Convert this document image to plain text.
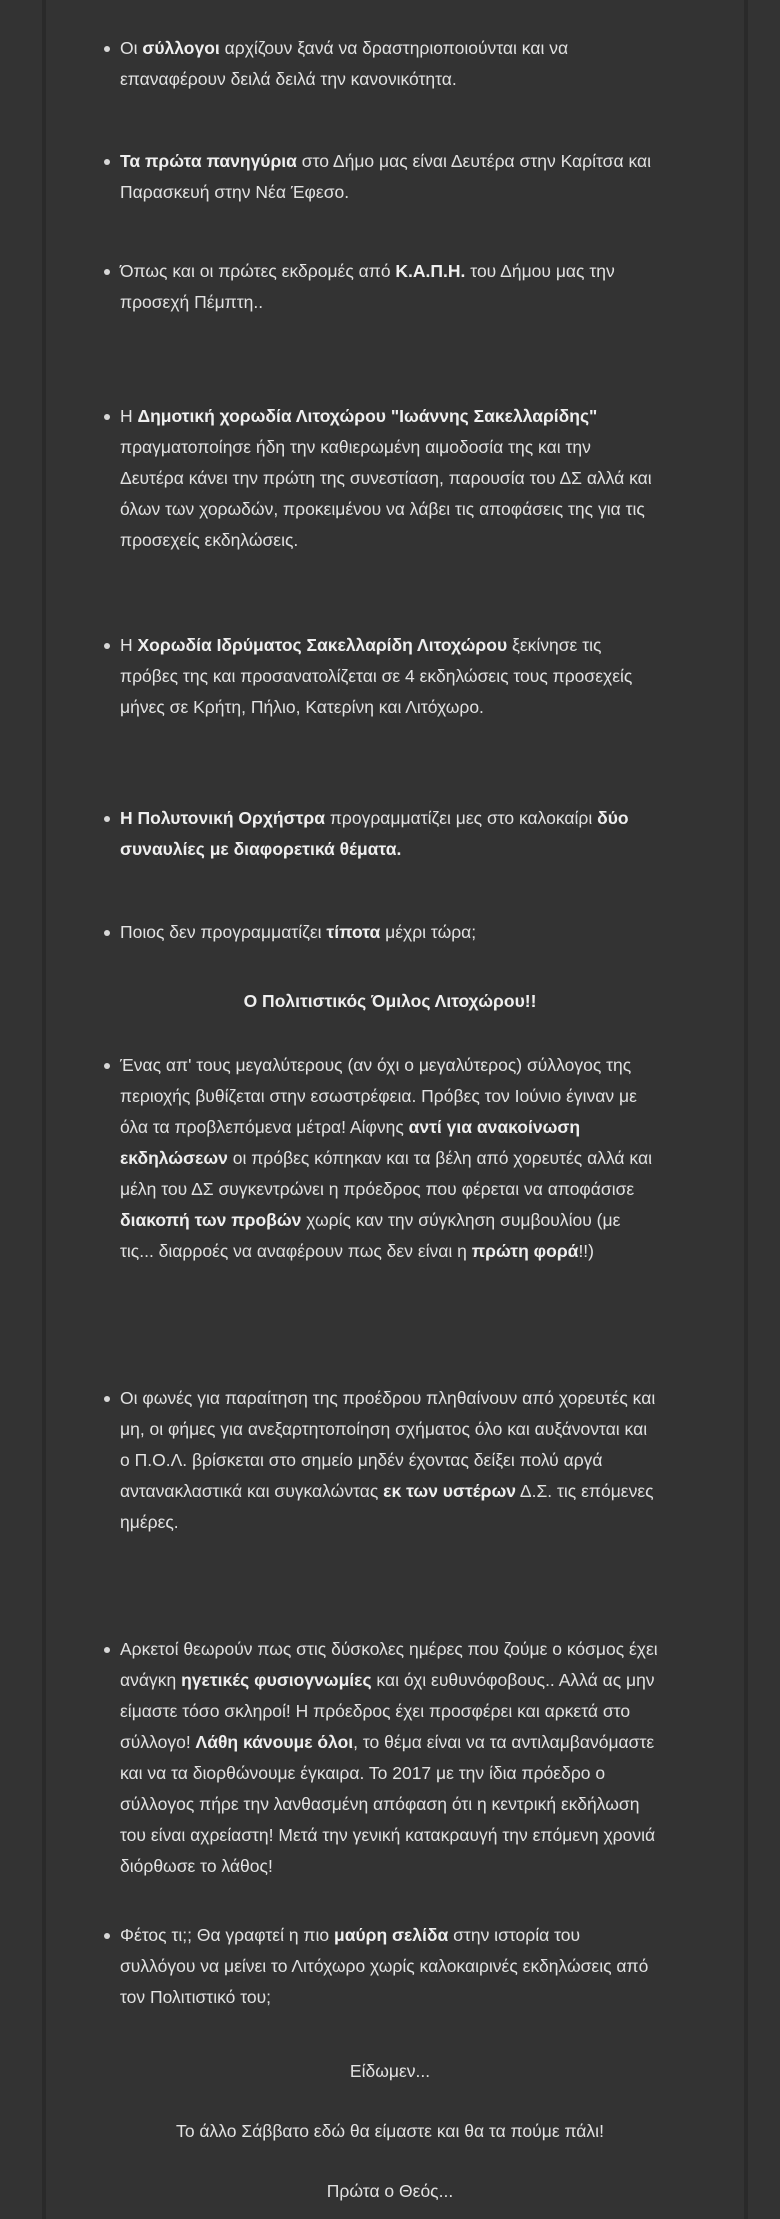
Οι σύλλογοι αρχίζουν ξανά να δραστηριοποιούνται και να επαναφέρουν δειλά δειλά την κανονικότητα.
Τα πρώτα πανηγύρια στο Δήμο μας είναι Δευτέρα στην Καρίτσα και Παρασκευή στην Νέα Έφεσο.
Όπως και οι πρώτες εκδρομές από Κ.Α.Π.Η. του Δήμου μας την προσεχή Πέμπτη..
Η Δημοτική χορωδία Λιτοχώρου "Ιωάννης Σακελλαρίδης" πραγματοποίησε ήδη την καθιερωμένη αιμοδοσία της και την Δευτέρα κάνει την πρώτη της συνεστίαση, παρουσία του ΔΣ αλλά και όλων των χορωδών, προκειμένου να λάβει τις αποφάσεις της για τις προσεχείς εκδηλώσεις.
Η Χορωδία Ιδρύματος Σακελλαρίδη Λιτοχώρου ξεκίνησε τις πρόβες της και προσανατολίζεται σε 4 εκδηλώσεις τους προσεχείς μήνες σε Κρήτη, Πήλιο, Κατερίνη και Λιτόχωρο.
Η Πολυτονική Ορχήστρα προγραμματίζει μες στο καλοκαίρι δύο συναυλίες με διαφορετικά θέματα.
Ποιος δεν προγραμματίζει τίποτα μέχρι τώρα;
Ο Πολιτιστικός Όμιλος Λιτοχώρου!!
Ένας απ' τους μεγαλύτερους (αν όχι ο μεγαλύτερος) σύλλογος της περιοχής βυθίζεται στην εσωστρέφεια. Πρόβες τον Ιούνιο έγιναν με όλα τα προβλεπόμενα μέτρα! Αίφνης αντί για ανακοίνωση εκδηλώσεων οι πρόβες κόπηκαν και τα βέλη από χορευτές αλλά και μέλη του ΔΣ συγκεντρώνει η πρόεδρος που φέρεται να αποφάσισε διακοπή των προβών χωρίς καν την σύγκληση συμβουλίου (με τις... διαρροές να αναφέρουν πως δεν είναι η πρώτη φορά!!)
Οι φωνές για παραίτηση της προέδρου πληθαίνουν από χορευτές και μη, οι φήμες για ανεξαρτητοποίηση σχήματος όλο και αυξάνονται και ο Π.Ο.Λ. βρίσκεται στο σημείο μηδέν έχοντας δείξει πολύ αργά αντανακλαστικά και συγκαλώντας εκ των υστέρων Δ.Σ. τις επόμενες ημέρες.
Αρκετοί θεωρούν πως στις δύσκολες ημέρες που ζούμε ο κόσμος έχει ανάγκη ηγετικές φυσιογνωμίες και όχι ευθυνόφοβους.. Αλλά ας μην είμαστε τόσο σκληροί! Η πρόεδρος έχει προσφέρει και αρκετά στο σύλλογο! Λάθη κάνουμε όλοι, το θέμα είναι να τα αντιλαμβανόμαστε και να τα διορθώνουμε έγκαιρα. Το 2017 με την ίδια πρόεδρο ο σύλλογος πήρε την λανθασμένη απόφαση ότι η κεντρική εκδήλωση του είναι αχρείαστη! Μετά την γενική κατακραυγή την επόμενη χρονιά διόρθωσε το λάθος!
Φέτος τι;; Θα γραφτεί η πιο μαύρη σελίδα στην ιστορία του συλλόγου να μείνει το Λιτόχωρο χωρίς καλοκαιρινές εκδηλώσεις από τον Πολιτιστικό του;
Είδωμεν...
Το άλλο Σάββατο εδώ θα είμαστε και θα τα πούμε πάλι!
Πρώτα ο Θεός...
